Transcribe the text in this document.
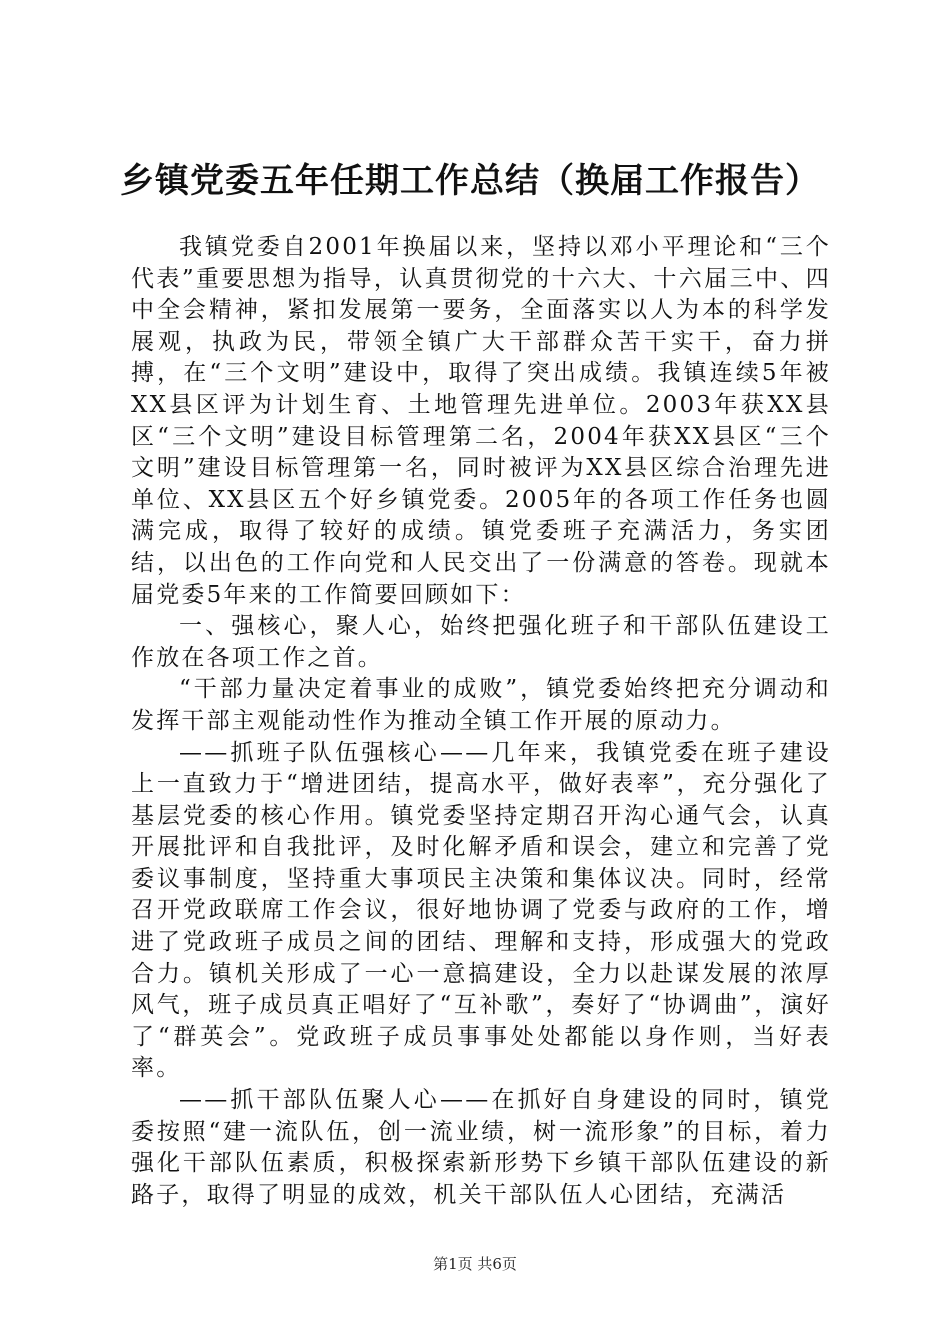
乡镇党委五年任期工作总结（换届工作报告）

我镇党委自2001年换届以来，坚持以邓小平理论和“三个代表”重要思想为指导，认真贯彻党的十六大、十六届三中、四中全会精神，紧扣发展第一要务，全面落实以人为本的科学发展观，执政为民，带领全镇广大干部群众苦干实干，奋力拼搏，在“三个文明”建设中，取得了突出成绩。我镇连续5年被XX县区评为计划生育、土地管理先进单位。2003年获XX县区“三个文明”建设目标管理第二名，2004年获XX县区“三个文明”建设目标管理第一名，同时被评为XX县区综合治理先进单位、XX县区五个好乡镇党委。2005年的各项工作任务也圆满完成，取得了较好的成绩。镇党委班子充满活力，务实团结，以出色的工作向党和人民交出了一份满意的答卷。现就本届党委5年来的工作简要回顾如下：

一、强核心，聚人心，始终把强化班子和干部队伍建设工作放在各项工作之首。

“干部力量决定着事业的成败”，镇党委始终把充分调动和发挥干部主观能动性作为推动全镇工作开展的原动力。

——抓班子队伍强核心——几年来，我镇党委在班子建设上一直致力于“增进团结，提高水平，做好表率”，充分强化了基层党委的核心作用。镇党委坚持定期召开沟心通气会，认真开展批评和自我批评，及时化解矛盾和误会，建立和完善了党委议事制度，坚持重大事项民主决策和集体议决。同时，经常召开党政联席工作会议，很好地协调了党委与政府的工作，增进了党政班子成员之间的团结、理解和支持，形成强大的党政合力。镇机关形成了一心一意搞建设，全力以赴谋发展的浓厚风气，班子成员真正唱好了“互补歌”，奏好了“协调曲”，演好了“群英会”。党政班子成员事事处处都能以身作则，当好表率。

——抓干部队伍聚人心——在抓好自身建设的同时，镇党委按照“建一流队伍，创一流业绩，树一流形象”的目标，着力强化干部队伍素质，积极探索新形势下乡镇干部队伍建设的新路子，取得了明显的成效，机关干部队伍人心团结，充满活

第1页 共6页
